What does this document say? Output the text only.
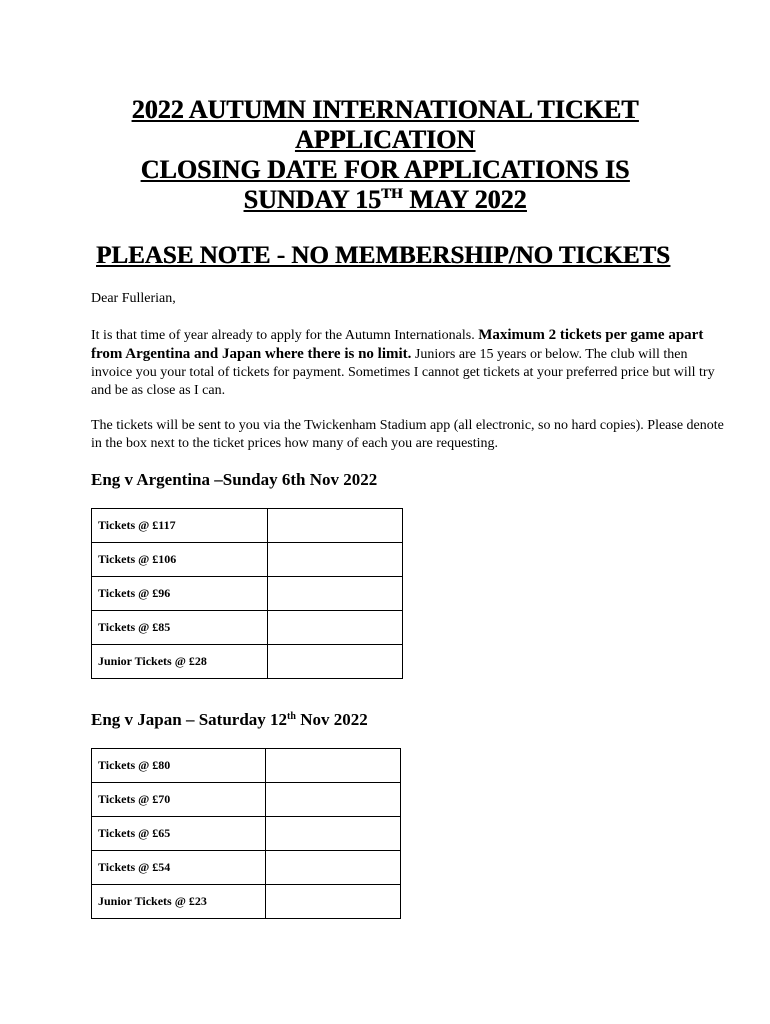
2022 AUTUMN INTERNATIONAL TICKET
APPLICATION
CLOSING DATE FOR APPLICATIONS IS
SUNDAY 15TH MAY 2022
PLEASE NOTE - NO MEMBERSHIP/NO TICKETS
Dear Fullerian,
It is that time of year already to apply for the Autumn Internationals. Maximum 2 tickets per game apart from Argentina and Japan where there is no limit. Juniors are 15 years or below. The club will then invoice you your total of tickets for payment. Sometimes I cannot get tickets at your preferred price but will try and be as close as I can.
The tickets will be sent to you via the Twickenham Stadium app (all electronic, so no hard copies). Please denote in the box next to the ticket prices how many of each you are requesting.
Eng v Argentina –Sunday 6th Nov 2022
Tickets @ £117	
Tickets @ £106	
Tickets @ £96	
Tickets @ £85	
Junior Tickets @ £28	
Eng v Japan – Saturday 12th Nov 2022
Tickets @ £80	
Tickets @ £70	
Tickets @ £65	
Tickets @ £54	
Junior Tickets @ £23	
